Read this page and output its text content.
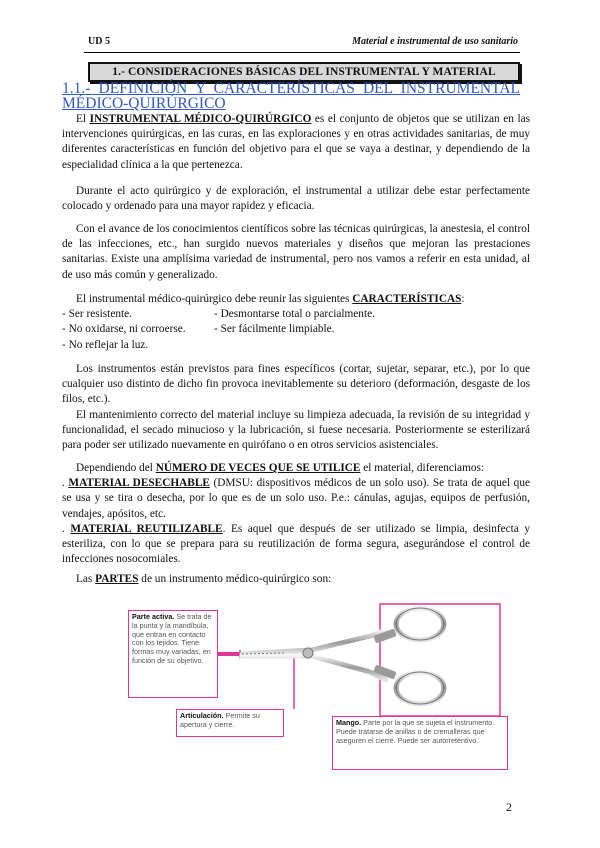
UD 5	Material e instrumental de uso sanitario
1.- CONSIDERACIONES BÁSICAS DEL INSTRUMENTAL Y MATERIAL
1.1.- DEFINICIÓN Y CARACTERÍSTICAS DEL INSTRUMENTAL
MÉDICO-QUIRÚRGICO

El INSTRUMENTAL MÉDICO-QUIRÚRGICO es el conjunto de objetos que se utilizan en las intervenciones quirúrgicas, en las curas, en las exploraciones y en otras actividades sanitarias, de muy diferentes características en función del objetivo para el que se vaya a destinar, y dependiendo de la especialidad clínica a la que pertenezca.

Durante el acto quirúrgico y de exploración, el instrumental a utilizar debe estar perfectamente colocado y ordenado para una mayor rapidez y eficacia.

Con el avance de los conocimientos científicos sobre las técnicas quirúrgicas, la anestesia, el control de las infecciones, etc., han surgido nuevos materiales y diseños que mejoran las prestaciones sanitarias. Existe una amplísima variedad de instrumental, pero nos vamos a referir en esta unidad, al de uso más común y generalizado.

El instrumental médico-quirúrgico debe reunir las siguientes CARACTERÍSTICAS:

- Ser resistente.	- Desmontarse total o parcialmente.
- No oxidarse, ni corroerse.	- Ser fácilmente limpiable.
- No reflejar la luz.

Los instrumentos están previstos para fines específicos (cortar, sujetar, separar, etc.), por lo que cualquier uso distinto de dicho fin provoca inevitablemente su deterioro (deformación, desgaste de los filos, etc.).

El mantenimiento correcto del material incluye su limpieza adecuada, la revisión de su integridad y funcionalidad, el secado minucioso y la lubricación, si fuese necesaria. Posteriormente se esterilizará para poder ser utilizado nuevamente en quirófano o en otros servicios asistenciales.

Dependiendo del NÚMERO DE VECES QUE SE UTILICE el material, diferenciamos:

. MATERIAL DESECHABLE (DMSU: dispositivos médicos de un solo uso). Se trata de aquel que se usa y se tira o desecha, por lo que es de un solo uso. P.e.: cánulas, agujas, equipos de perfusión, vendajes, apósitos, etc.

. MATERIAL REUTILIZABLE. Es aquel que después de ser utilizado se limpia, desinfecta y esteriliza, con lo que se prepara para su reutilización de forma segura, asegurándose el control de infecciones nosocomiales.

Las PARTES de un instrumento médico-quirúrgico son:

Parte activa. Se trata de la punta y la mandíbula, que entran en contacto con los tejidos. Tiene formas muy variadas, en función de su objetivo.
Articulación. Permite su apertura y cierre.	Mango. Parte por la que se sujeta el instrumento. Puede tratarse de anillas o de cremalleras que aseguren el cierre. Puede ser autorretentivo.
2
